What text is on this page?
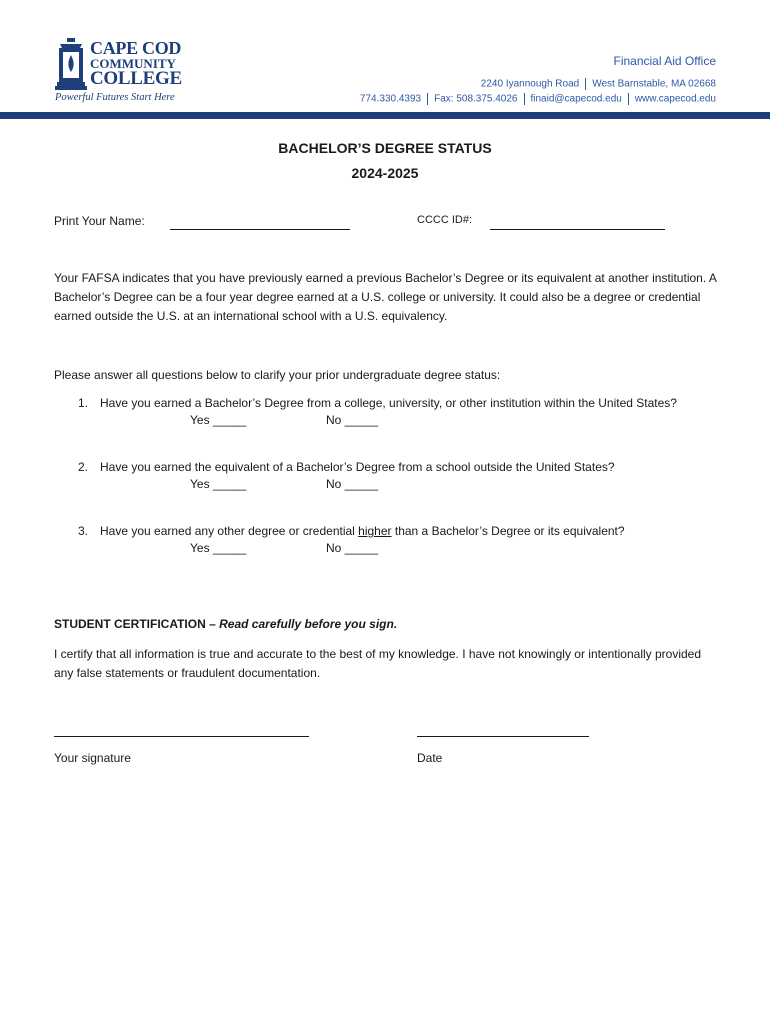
CAPE COD
COMMUNITY
COLLEGE
Powerful Futures Start Here
Financial Aid Office
2240 Iyannough Road West Barnstable, MA 02668
774.330.4393 Fax: 508.375.4026 finaid@capecod.edu www.capecod.edu
BACHELOR’S DEGREE STATUS
2024-2025
Print Your Name:	CCCC ID#:
Your FAFSA indicates that you have previously earned a previous Bachelor’s Degree or its equivalent at another institution. A Bachelor’s Degree can be a four year degree earned at a U.S. college or university. It could also be a degree or credential earned outside the U.S. at an international school with a U.S. equivalency.
Please answer all questions below to clarify your prior undergraduate degree status:
1. Have you earned a Bachelor’s Degree from a college, university, or other institution within the United States?
Yes _____	No _____
2. Have you earned the equivalent of a Bachelor’s Degree from a school outside the United States?
Yes _____	No _____
3. Have you earned any other degree or credential higher than a Bachelor’s Degree or its equivalent?
Yes _____	No _____
STUDENT CERTIFICATION – Read carefully before you sign.
I certify that all information is true and accurate to the best of my knowledge. I have not knowingly or intentionally provided any false statements or fraudulent documentation.
Your signature	Date
